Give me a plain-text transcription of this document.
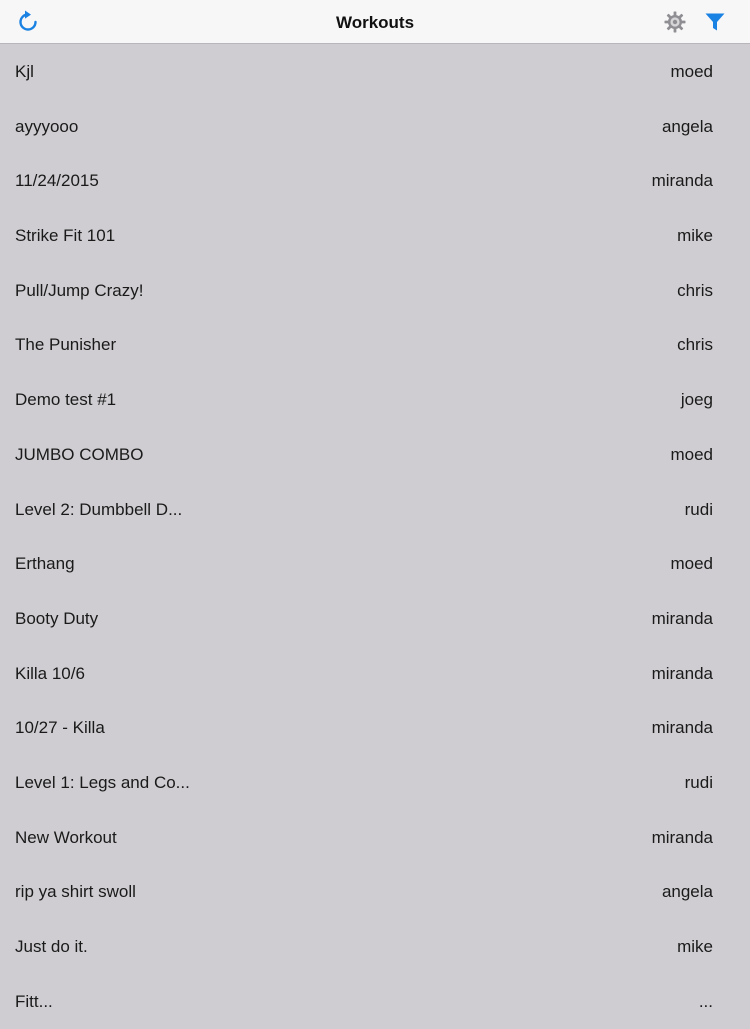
Workouts
Kjl	moed
ayyyooo	angela
11/24/2015	miranda
Strike Fit 101	mike
Pull/Jump Crazy!	chris
The Punisher	chris
Demo test #1	joeg
JUMBO COMBO	moed
Level 2: Dumbbell D...	rudi
Erthang	moed
Booty Duty	miranda
Killa 10/6	miranda
10/27 - Killa	miranda
Level 1: Legs and Co...	rudi
New Workout	miranda
rip ya shirt swoll	angela
Just do it.	mike
Fitt...	...
